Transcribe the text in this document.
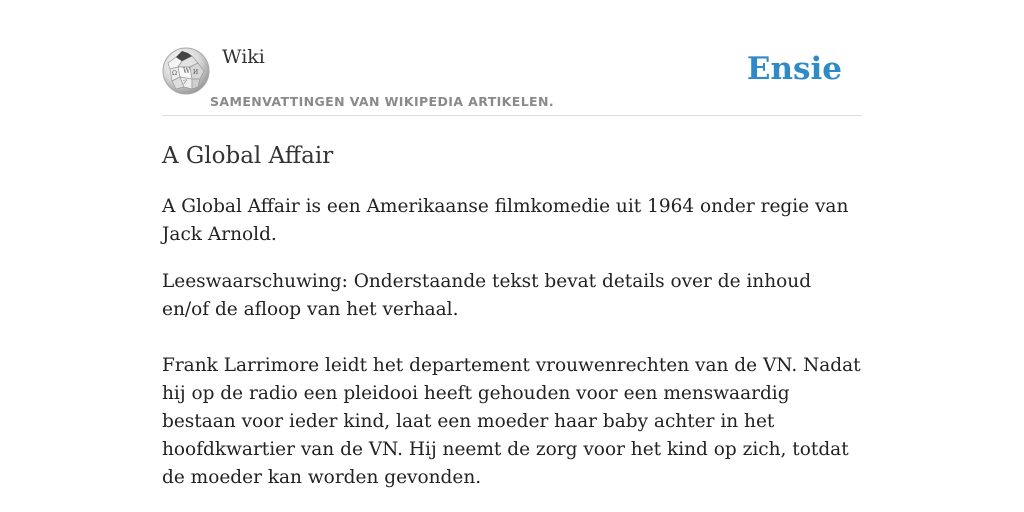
W
Ω	И
ア
Wiki
SAMENVATTINGEN VAN WIKIPEDIA ARTIKELEN.
Ensie
A Global Affair

A Global Affair is een Amerikaanse filmkomedie uit 1964 onder regie van Jack Arnold.

Leeswaarschuwing: Onderstaande tekst bevat details over de inhoud en/of de afloop van het verhaal.

Frank Larrimore leidt het departement vrouwenrechten van de VN. Nadat hij op de radio een pleidooi heeft gehouden voor een menswaardig bestaan voor ieder kind, laat een moeder haar baby achter in het hoofdkwartier van de VN. Hij neemt de zorg voor het kind op zich, totdat de moeder kan worden gevonden.
